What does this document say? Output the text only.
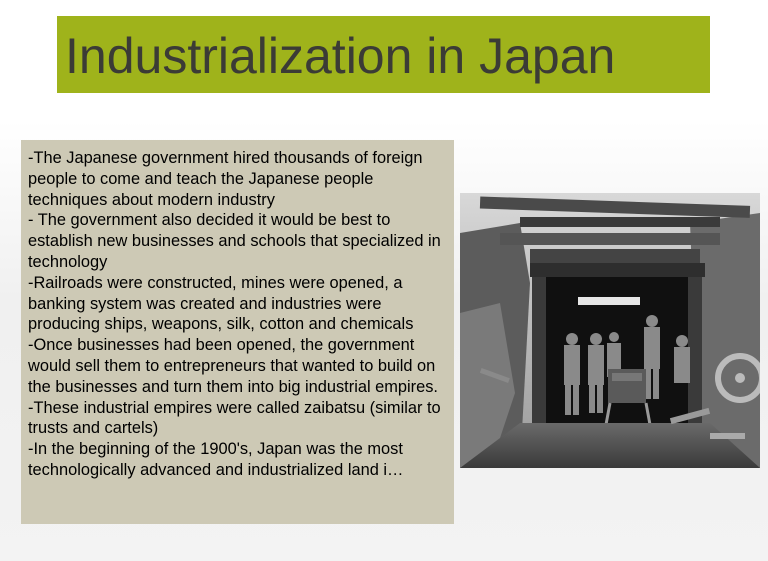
Industrialization in Japan

-The Japanese government hired thousands of foreign people to come and teach the Japanese people techniques about modern industry

- The government also decided it would be best to establish new businesses and schools that specialized in technology

-Railroads were constructed, mines were opened, a banking system was created and industries were producing ships, weapons, silk, cotton and chemicals

-Once businesses had been opened, the government would sell them to entrepreneurs that wanted to build on the businesses and turn them into big industrial empires.

-These industrial empires were called zaibatsu (similar to trusts and cartels)

-In the beginning of the 1900's, Japan was the most technologically advanced and industrialized land i…
